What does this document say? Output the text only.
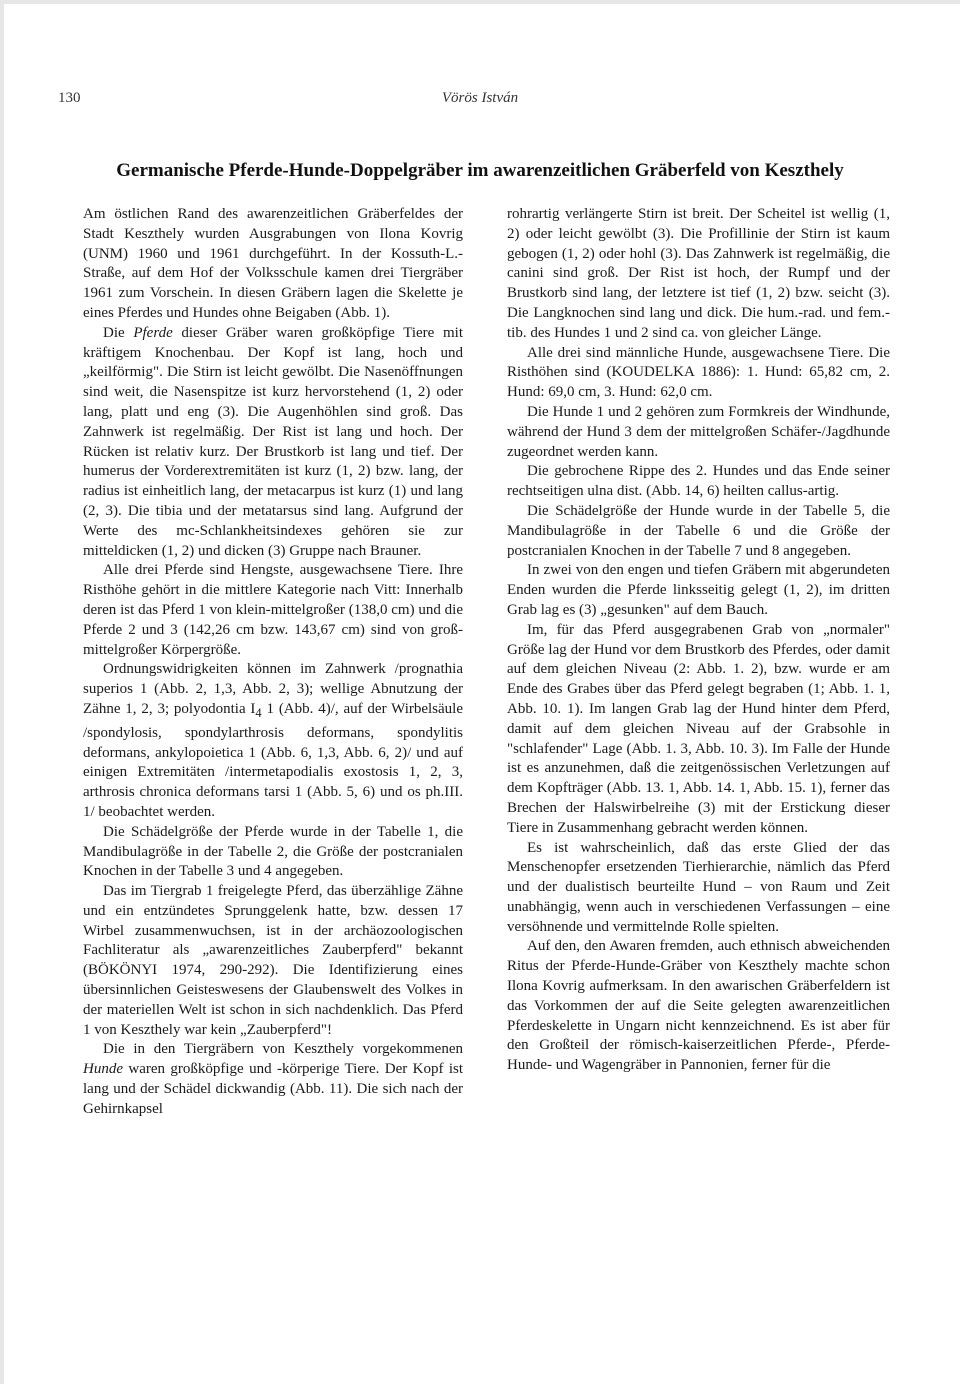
130	Vörös István
Germanische Pferde-Hunde-Doppelgräber im awarenzeitlichen Gräberfeld von Keszthely

Am östlichen Rand des awarenzeitlichen Gräberfeldes der Stadt Keszthely wurden Ausgrabungen von Ilona Kovrig (UNM) 1960 und 1961 durchgeführt. In der Kossuth-L.-Straße, auf dem Hof der Volksschule kamen drei Tiergräber 1961 zum Vorschein. In diesen Gräbern lagen die Skelette je eines Pferdes und Hundes ohne Beigaben (Abb. 1).

Die Pferde dieser Gräber waren großköpfige Tiere mit kräftigem Knochenbau. Der Kopf ist lang, hoch und „keilförmig". Die Stirn ist leicht gewölbt. Die Nasenöffnungen sind weit, die Nasenspitze ist kurz hervorstehend (1, 2) oder lang, platt und eng (3). Die Augenhöhlen sind groß. Das Zahnwerk ist regelmäßig. Der Rist ist lang und hoch. Der Rücken ist relativ kurz. Der Brustkorb ist lang und tief. Der humerus der Vorderextremitäten ist kurz (1, 2) bzw. lang, der radius ist einheitlich lang, der metacarpus ist kurz (1) und lang (2, 3). Die tibia und der metatarsus sind lang. Aufgrund der Werte des mc-Schlankheitsindexes gehören sie zur mitteldicken (1, 2) und dicken (3) Gruppe nach Brauner.

Alle drei Pferde sind Hengste, ausgewachsene Tiere. Ihre Risthöhe gehört in die mittlere Kategorie nach Vitt: Innerhalb deren ist das Pferd 1 von klein-mittelgroßer (138,0 cm) und die Pferde 2 und 3 (142,26 cm bzw. 143,67 cm) sind von groß-mittelgroßer Körpergröße.

Ordnungswidrigkeiten können im Zahnwerk /prognathia superios 1 (Abb. 2, 1,3, Abb. 2, 3); wellige Abnutzung der Zähne 1, 2, 3; polyodontia $I_4$ 1 (Abb. 4)/, auf der Wirbelsäule /spondylosis, spondylarthrosis deformans, spondylitis deformans, ankylopoietica 1 (Abb. 6, 1,3, Abb. 6, 2)/ und auf einigen Extremitäten /intermetapodialis exostosis 1, 2, 3, arthrosis chronica deformans tarsi 1 (Abb. 5, 6) und os ph.III. 1/ beobachtet werden.

Die Schädelgröße der Pferde wurde in der Tabelle 1, die Mandibulagröße in der Tabelle 2, die Größe der postcranialen Knochen in der Tabelle 3 und 4 angegeben.

Das im Tiergrab 1 freigelegte Pferd, das überzählige Zähne und ein entzündetes Sprunggelenk hatte, bzw. dessen 17 Wirbel zusammenwuchsen, ist in der archäozoologischen Fachliteratur als „awarenzeitliches Zauberpferd" bekannt (BÖKÖNYI 1974, 290-292). Die Identifizierung eines übersinnlichen Geisteswesens der Glaubenswelt des Volkes in der materiellen Welt ist schon in sich nachdenklich. Das Pferd 1 von Keszthely war kein „Zauberpferd"!

Die in den Tiergräbern von Keszthely vorgekommenen Hunde waren großköpfige und -körperige Tiere. Der Kopf ist lang und der Schädel dickwandig (Abb. 11). Die sich nach der Gehirnkapsel

rohrartig verlängerte Stirn ist breit. Der Scheitel ist wellig (1, 2) oder leicht gewölbt (3). Die Profillinie der Stirn ist kaum gebogen (1, 2) oder hohl (3). Das Zahnwerk ist regelmäßig, die canini sind groß. Der Rist ist hoch, der Rumpf und der Brustkorb sind lang, der letztere ist tief (1, 2) bzw. seicht (3). Die Langknochen sind lang und dick. Die hum.-rad. und fem.-tib. des Hundes 1 und 2 sind ca. von gleicher Länge.

Alle drei sind männliche Hunde, ausgewachsene Tiere. Die Risthöhen sind (KOUDELKA 1886): 1. Hund: 65,82 cm, 2. Hund: 69,0 cm, 3. Hund: 62,0 cm.

Die Hunde 1 und 2 gehören zum Formkreis der Windhunde, während der Hund 3 dem der mittelgroßen Schäfer-/Jagdhunde zugeordnet werden kann.

Die gebrochene Rippe des 2. Hundes und das Ende seiner rechtseitigen ulna dist. (Abb. 14, 6) heilten callus-artig.

Die Schädelgröße der Hunde wurde in der Tabelle 5, die Mandibulagröße in der Tabelle 6 und die Größe der postcranialen Knochen in der Tabelle 7 und 8 angegeben.

In zwei von den engen und tiefen Gräbern mit abgerundeten Enden wurden die Pferde linksseitig gelegt (1, 2), im dritten Grab lag es (3) „gesunken" auf dem Bauch.

Im, für das Pferd ausgegrabenen Grab von „normaler" Größe lag der Hund vor dem Brustkorb des Pferdes, oder damit auf dem gleichen Niveau (2: Abb. 1. 2), bzw. wurde er am Ende des Grabes über das Pferd gelegt begraben (1; Abb. 1. 1, Abb. 10. 1). Im langen Grab lag der Hund hinter dem Pferd, damit auf dem gleichen Niveau auf der Grabsohle in "schlafender" Lage (Abb. 1. 3, Abb. 10. 3). Im Falle der Hunde ist es anzunehmen, daß die zeitgenössischen Verletzungen auf dem Kopfträger (Abb. 13. 1, Abb. 14. 1, Abb. 15. 1), ferner das Brechen der Halswirbelreihe (3) mit der Erstickung dieser Tiere in Zusammenhang gebracht werden können.

Es ist wahrscheinlich, daß das erste Glied der das Menschenopfer ersetzenden Tierhierarchie, nämlich das Pferd und der dualistisch beurteilte Hund – von Raum und Zeit unabhängig, wenn auch in verschiedenen Verfassungen – eine versöhnende und vermittelnde Rolle spielten.

Auf den, den Awaren fremden, auch ethnisch abweichenden Ritus der Pferde-Hunde-Gräber von Keszthely machte schon Ilona Kovrig aufmerksam. In den awarischen Gräberfeldern ist das Vorkommen der auf die Seite gelegten awarenzeitlichen Pferdeskelette in Ungarn nicht kennzeichnend. Es ist aber für den Großteil der römisch-kaiserzeitlichen Pferde-, Pferde-Hunde- und Wagengräber in Pannonien, ferner für die
